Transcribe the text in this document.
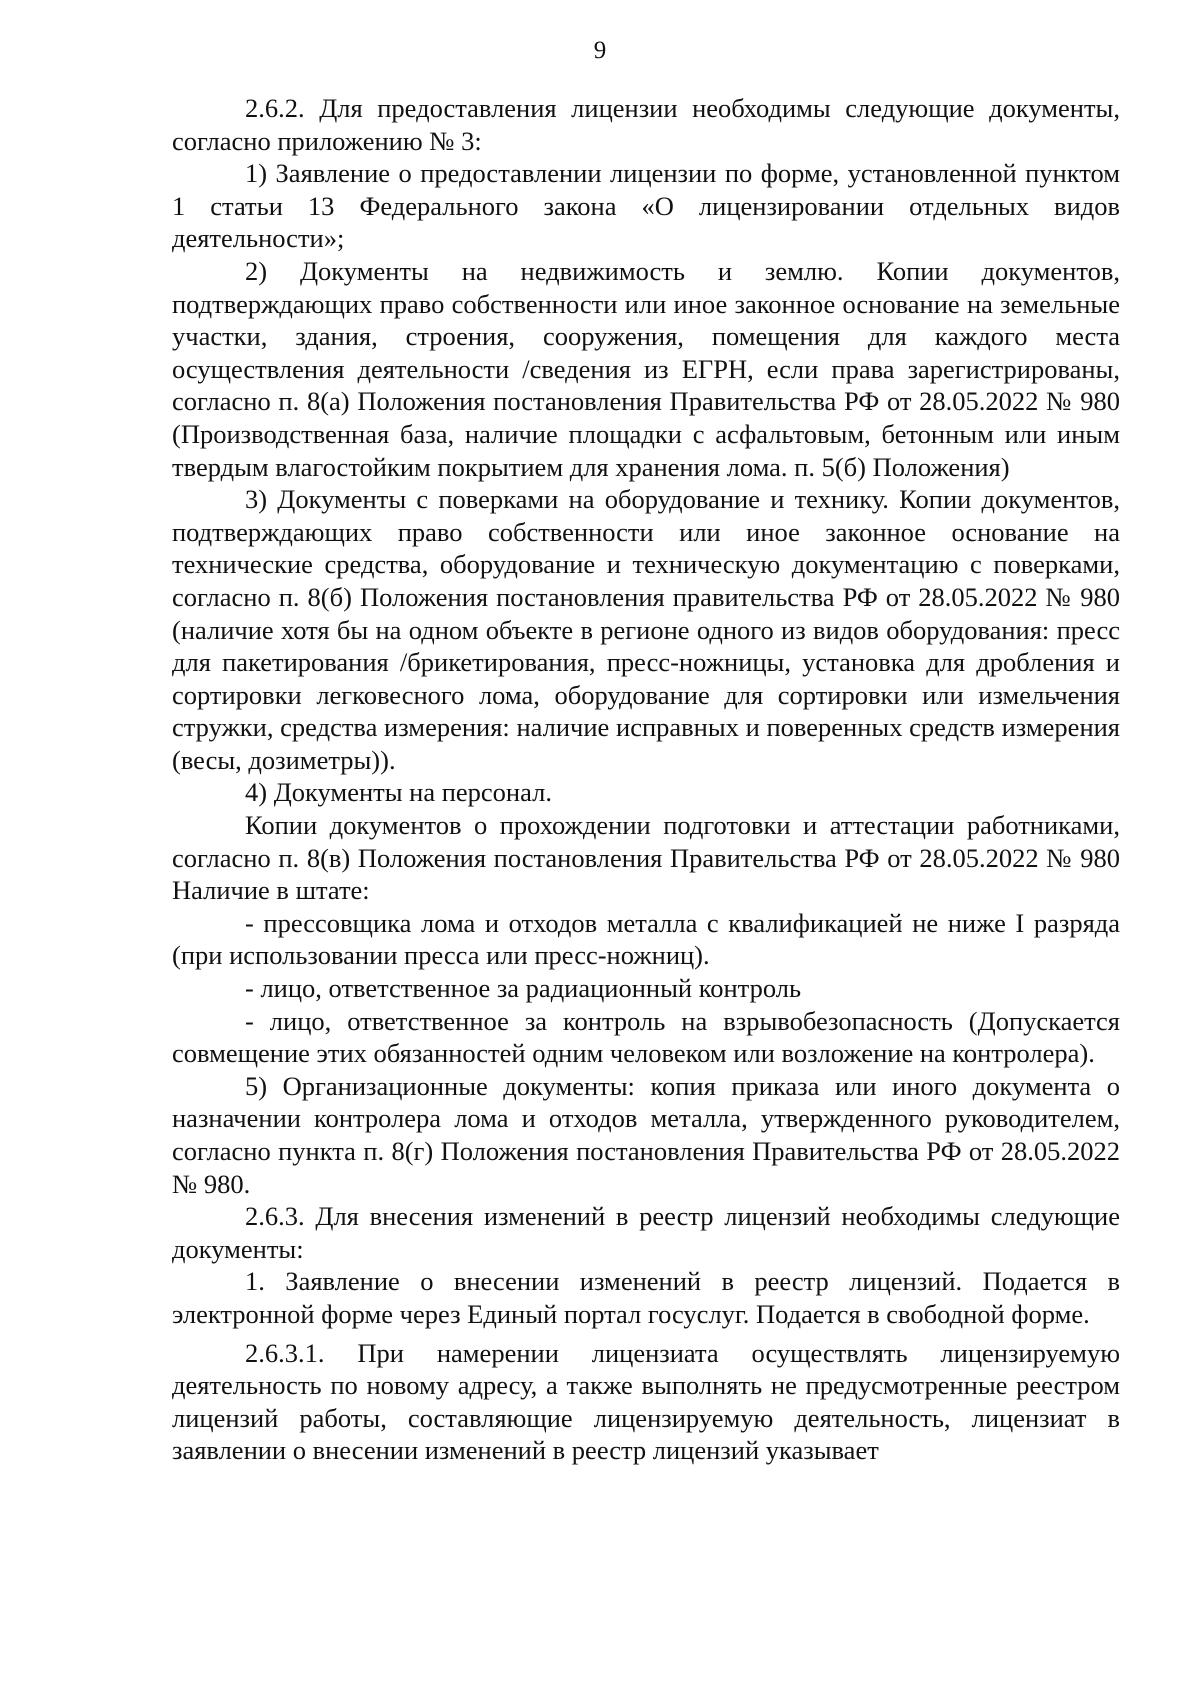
9

2.6.2. Для предоставления лицензии необходимы следующие документы, согласно приложению № 3:

1) Заявление о предоставлении лицензии по форме, установленной пунктом 1 статьи 13 Федерального закона «О лицензировании отдельных видов деятельности»;

2) Документы на недвижимость и землю. Копии документов, подтверждающих право собственности или иное законное основание на земельные участки, здания, строения, сооружения, помещения для каждого места осуществления деятельности /сведения из ЕГРН, если права зарегистрированы, согласно п. 8(а) Положения постановления Правительства РФ от 28.05.2022 № 980 (Производственная база, наличие площадки с асфальтовым, бетонным или иным твердым влагостойким покрытием для хранения лома. п. 5(б) Положения)

3) Документы с поверками на оборудование и технику. Копии документов, подтверждающих право собственности или иное законное основание на технические средства, оборудование и техническую документацию с поверками, согласно п. 8(б) Положения постановления правительства РФ от 28.05.2022 № 980 (наличие хотя бы на одном объекте в регионе одного из видов оборудования: пресс для пакетирования /брикетирования, пресс-ножницы, установка для дробления и сортировки легковесного лома, оборудование для сортировки или измельчения стружки, средства измерения: наличие исправных и поверенных средств измерения (весы, дозиметры)).

4) Документы на персонал.

Копии документов о прохождении подготовки и аттестации работниками, согласно п. 8(в) Положения постановления Правительства РФ от 28.05.2022 № 980 Наличие в штате:

- прессовщика лома и отходов металла с квалификацией не ниже I разряда (при использовании пресса или пресс-ножниц).

- лицо, ответственное за радиационный контроль

- лицо, ответственное за контроль на взрывобезопасность (Допускается совмещение этих обязанностей одним человеком или возложение на контролера).

5) Организационные документы: копия приказа или иного документа о назначении контролера лома и отходов металла, утвержденного руководителем, согласно пункта п. 8(г) Положения постановления Правительства РФ от 28.05.2022 № 980.

2.6.3. Для внесения изменений в реестр лицензий необходимы следующие документы:

1. Заявление о внесении изменений в реестр лицензий. Подается в электронной форме через Единый портал госуслуг. Подается в свободной форме.

2.6.3.1. При намерении лицензиата осуществлять лицензируемую деятельность по новому адресу, а также выполнять не предусмотренные реестром лицензий работы, составляющие лицензируемую деятельность, лицензиат в заявлении о внесении изменений в реестр лицензий указывает
